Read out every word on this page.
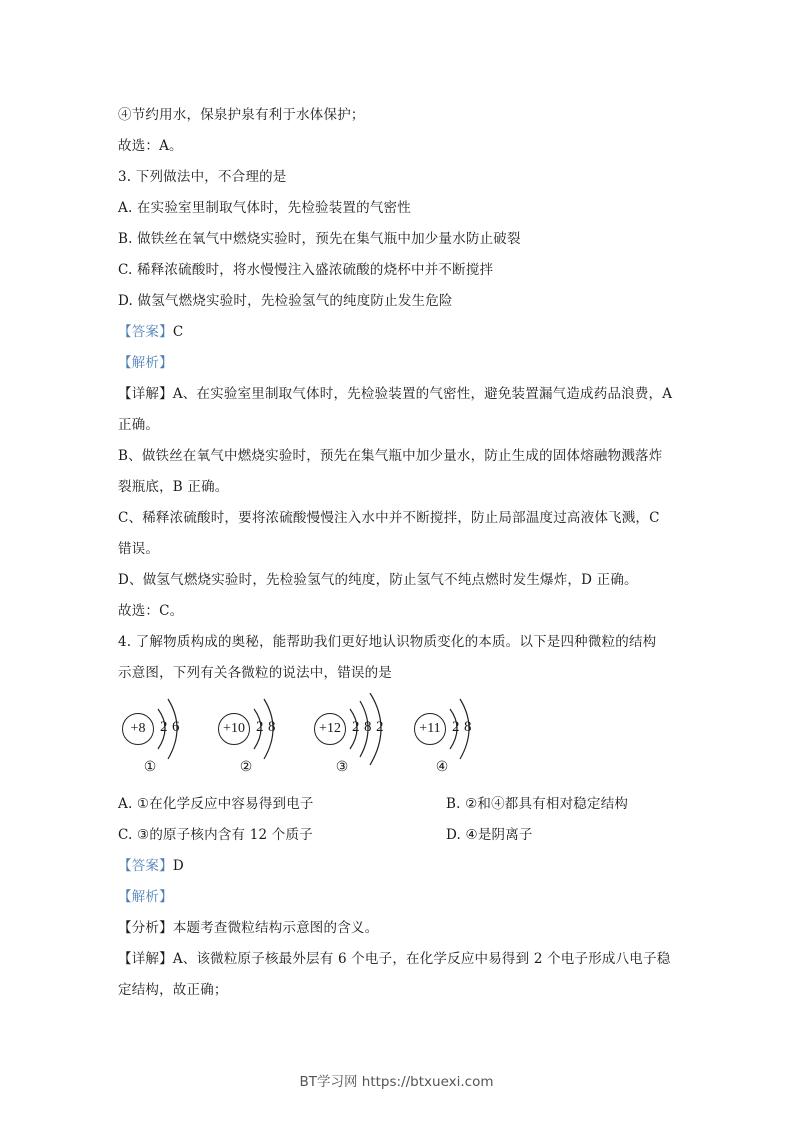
④节约用水，保泉护泉有利于水体保护；
故选：A。
3. 下列做法中，不合理的是
A. 在实验室里制取气体时，先检验装置的气密性
B. 做铁丝在氧气中燃烧实验时，预先在集气瓶中加少量水防止破裂
C. 稀释浓硫酸时，将水慢慢注入盛浓硫酸的烧杯中并不断搅拌
D. 做氢气燃烧实验时，先检验氢气的纯度防止发生危险
【答案】C
【解析】
【详解】A、在实验室里制取气体时，先检验装置的气密性，避免装置漏气造成药品浪费，A
正确。
B、做铁丝在氧气中燃烧实验时，预先在集气瓶中加少量水，防止生成的固体熔融物溅落炸
裂瓶底，B 正确。
C、稀释浓硫酸时，要将浓硫酸慢慢注入水中并不断搅拌，防止局部温度过高液体飞溅，C
错误。
D、做氢气燃烧实验时，先检验氢气的纯度，防止氢气不纯点燃时发生爆炸，D 正确。
故选：C。
4. 了解物质构成的奥秘，能帮助我们更好地认识物质变化的本质。以下是四种微粒的结构
示意图，下列有关各微粒的说法中，错误的是
+8 2 6
①
+10 2 8
②
+12 2 8 2
③
+11 2 8
④
A. ①在化学反应中容易得到电子	B. ②和④都具有相对稳定结构
C. ③的原子核内含有 12 个质子	D. ④是阴离子
【答案】D
【解析】
【分析】本题考查微粒结构示意图的含义。
【详解】A、该微粒原子核最外层有 6 个电子，在化学反应中易得到 2 个电子形成八电子稳
定结构，故正确；
BT学习网 https://btxuexi.com
